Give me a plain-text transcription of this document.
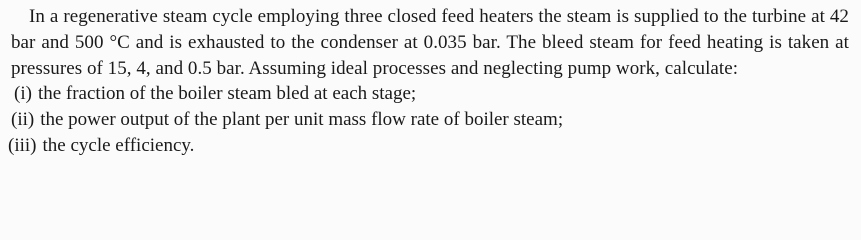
In a regenerative steam cycle employing three closed feed heaters the steam is supplied to the turbine at 42 bar and 500 °C and is exhausted to the condenser at 0.035 bar. The bleed steam for feed heating is taken at pressures of 15, 4, and 0.5 bar. Assuming ideal processes and neglecting pump work, calculate:

(i) the fraction of the boiler steam bled at each stage;
(ii) the power output of the plant per unit mass flow rate of boiler steam;
(iii) the cycle efficiency.
